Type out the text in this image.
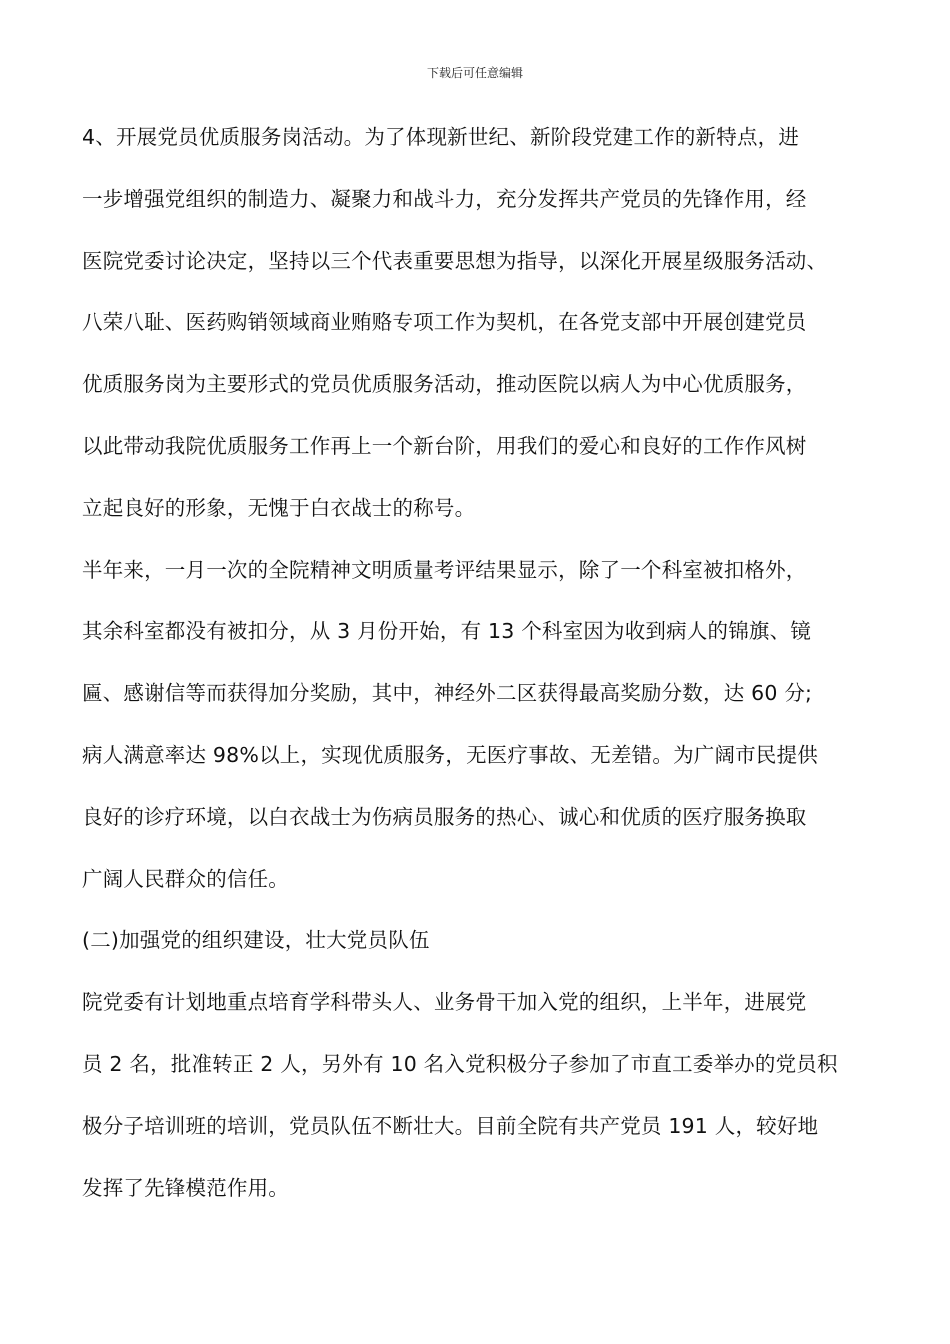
下载后可任意编辑
4、开展党员优质服务岗活动。为了体现新世纪、新阶段党建工作的新特点，进
一步增强党组织的制造力、凝聚力和战斗力，充分发挥共产党员的先锋作用，经
医院党委讨论决定，坚持以三个代表重要思想为指导，以深化开展星级服务活动、
八荣八耻、医药购销领域商业贿赂专项工作为契机，在各党支部中开展创建党员
优质服务岗为主要形式的党员优质服务活动，推动医院以病人为中心优质服务，
以此带动我院优质服务工作再上一个新台阶，用我们的爱心和良好的工作作风树
立起良好的形象，无愧于白衣战士的称号。
半年来，一月一次的全院精神文明质量考评结果显示，除了一个科室被扣格外，
其余科室都没有被扣分，从 3 月份开始，有 13 个科室因为收到病人的锦旗、镜
匾、感谢信等而获得加分奖励，其中，神经外二区获得最高奖励分数，达 60 分;
病人满意率达 98%以上，实现优质服务，无医疗事故、无差错。为广阔市民提供
良好的诊疗环境，以白衣战士为伤病员服务的热心、诚心和优质的医疗服务换取
广阔人民群众的信任。
(二)加强党的组织建设，壮大党员队伍
院党委有计划地重点培育学科带头人、业务骨干加入党的组织，上半年，进展党
员 2 名，批准转正 2 人，另外有 10 名入党积极分子参加了市直工委举办的党员积
极分子培训班的培训，党员队伍不断壮大。目前全院有共产党员 191 人，较好地
发挥了先锋模范作用。
